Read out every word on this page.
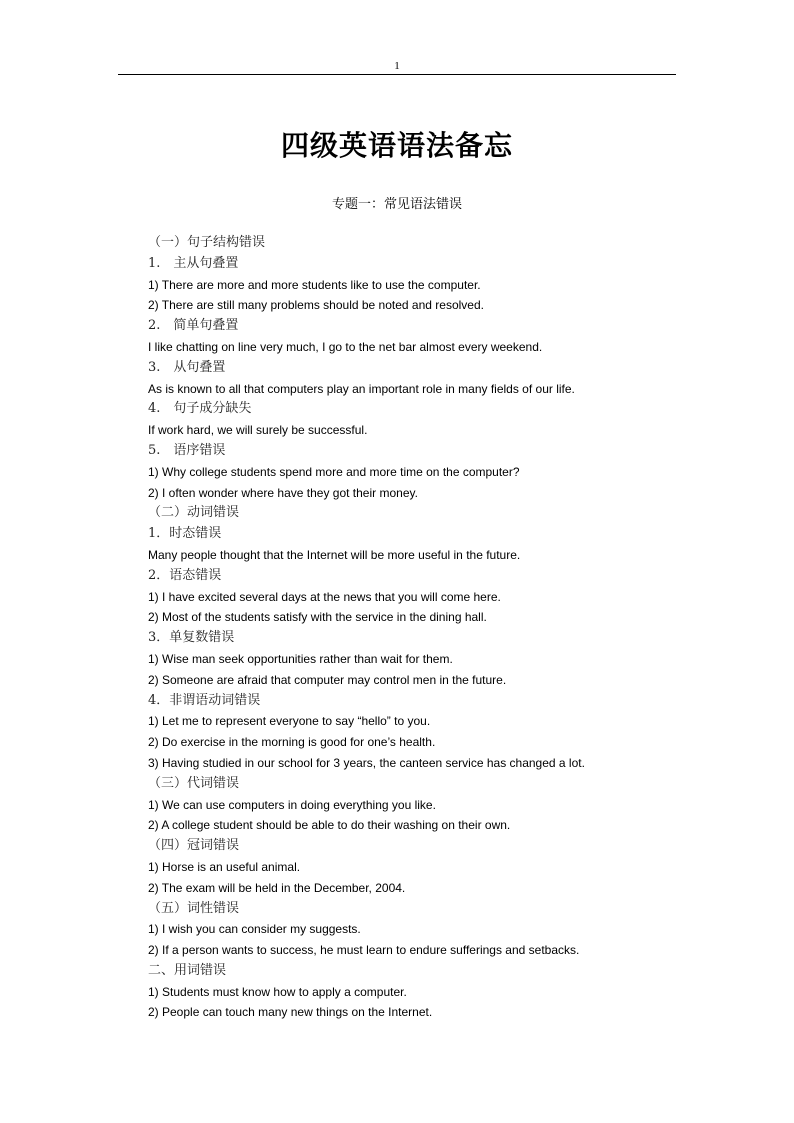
1
四级英语语法备忘
专题一：常见语法错误
（一）句子结构错误
1.　主从句叠置
1) There are more and more students like to use the computer.
2) There are still many problems should be noted and resolved.
2.　简单句叠置
I like chatting on line very much, I go to the net bar almost every weekend.
3.　从句叠置
As is known to all that computers play an important role in many fields of our life.
4.　句子成分缺失
If work hard, we will surely be successful.
5.　语序错误
1) Why college students spend more and more time on the computer?
2) I often wonder where have they got their money.
（二）动词错误
1．时态错误
Many people thought that the Internet will be more useful in the future.
2．语态错误
1) I have excited several days at the news that you will come here.
2) Most of the students satisfy with the service in the dining hall.
3．单复数错误
1) Wise man seek opportunities rather than wait for them.
2) Someone are afraid that computer may control men in the future.
4．非谓语动词错误
1) Let me to represent everyone to say “hello” to you.
2) Do exercise in the morning is good for one’s health.
3) Having studied in our school for 3 years, the canteen service has changed a lot.
（三）代词错误
1) We can use computers in doing everything you like.
2) A college student should be able to do their washing on their own.
（四）冠词错误
1) Horse is an useful animal.
2) The exam will be held in the December, 2004.
（五）词性错误
1) I wish you can consider my suggests.
2) If a person wants to success, he must learn to endure sufferings and setbacks.
二、用词错误
1) Students must know how to apply a computer.
2) People can touch many new things on the Internet.
